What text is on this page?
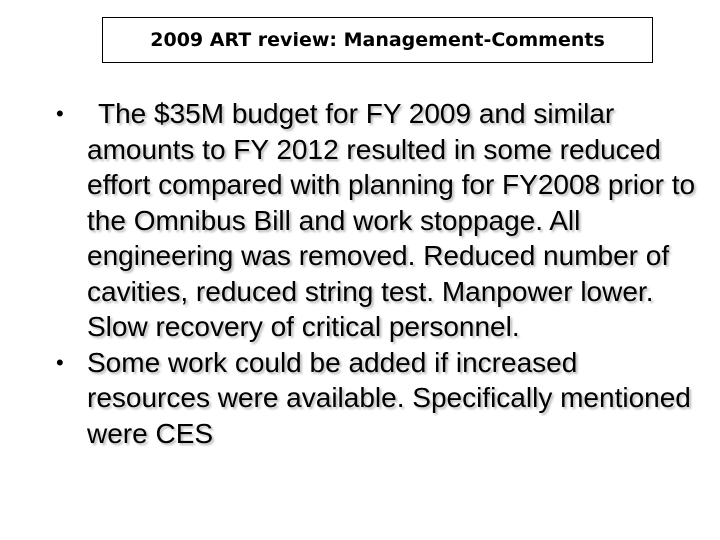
2009 ART review: Management-Comments
•	The $35M budget for FY 2009 and similar amounts to FY 2012 resulted in some reduced effort compared with planning for FY2008 prior to the Omnibus Bill and work stoppage. All engineering was removed. Reduced number of cavities, reduced string test. Manpower lower. Slow recovery of critical personnel.
• Some work could be added if increased resources were available. Specifically mentioned were CES
